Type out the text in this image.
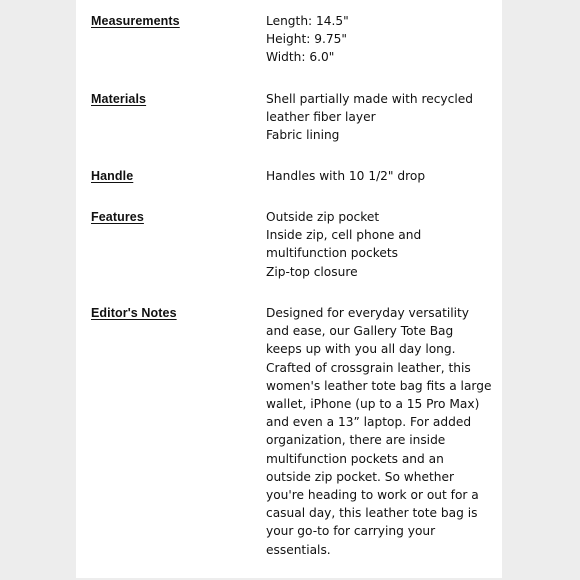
Measurements	Length: 14.5"
Height: 9.75"
Width: 6.0"
Materials	Shell partially made with recycled
leather fiber layer
Fabric lining
Handle	Handles with 10 1/2" drop
Features	Outside zip pocket
Inside zip, cell phone and
multifunction pockets
Zip-top closure
Editor's Notes	Designed for everyday versatility
and ease, our Gallery Tote Bag
keeps up with you all day long.
Crafted of crossgrain leather, this
women's leather tote bag fits a large
wallet, iPhone (up to a 15 Pro Max)
and even a 13” laptop. For added
organization, there are inside
multifunction pockets and an
outside zip pocket. So whether
you're heading to work or out for a
casual day, this leather tote bag is
your go-to for carrying your
essentials.
